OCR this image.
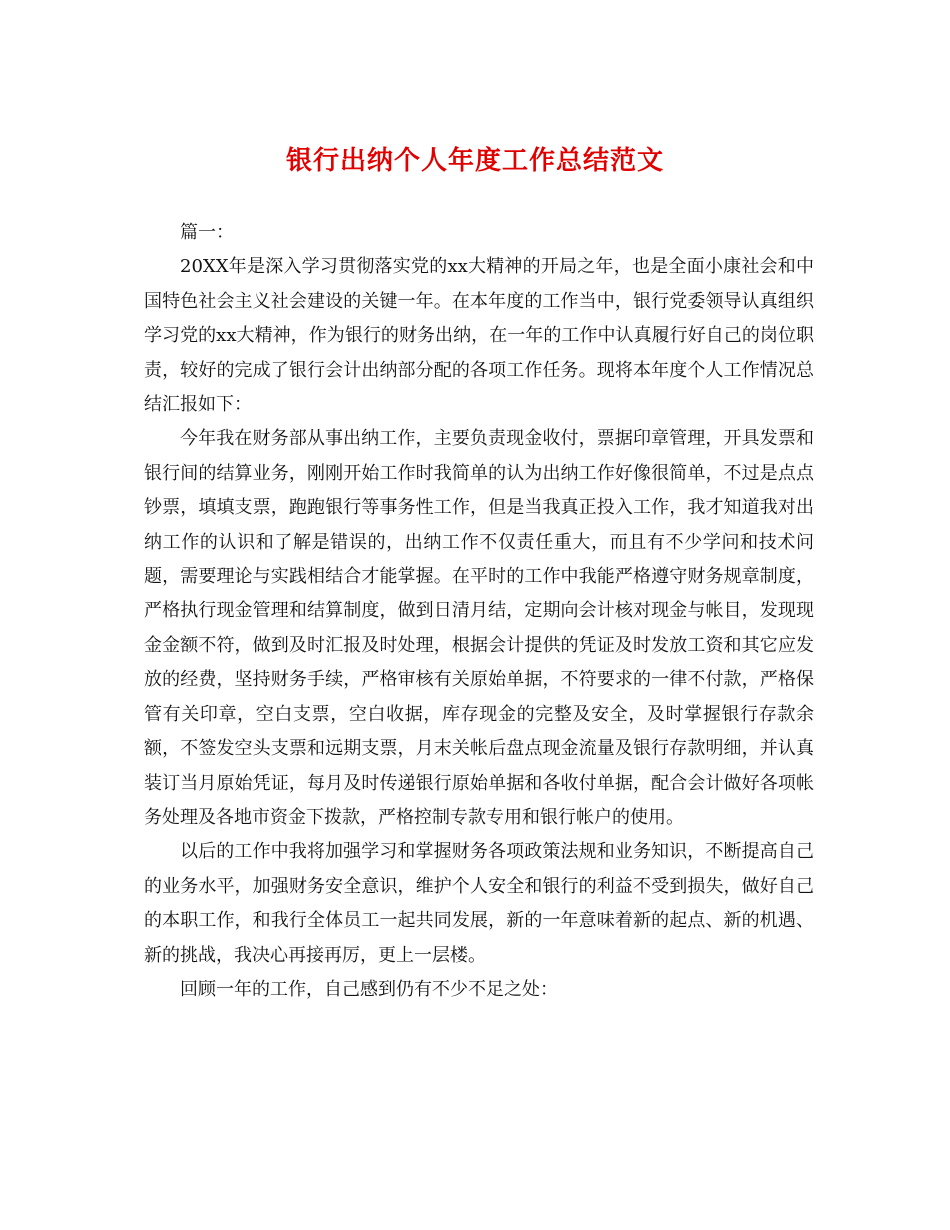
银行出纳个人年度工作总结范文

篇一：

20XX年是深入学习贯彻落实党的xx大精神的开局之年，也是全面小康社会和中国特色社会主义社会建设的关键一年。在本年度的工作当中，银行党委领导认真组织学习党的xx大精神，作为银行的财务出纳，在一年的工作中认真履行好自己的岗位职责，较好的完成了银行会计出纳部分配的各项工作任务。现将本年度个人工作情况总结汇报如下：

今年我在财务部从事出纳工作，主要负责现金收付，票据印章管理，开具发票和银行间的结算业务，刚刚开始工作时我简单的认为出纳工作好像很简单，不过是点点钞票，填填支票，跑跑银行等事务性工作，但是当我真正投入工作，我才知道我对出纳工作的认识和了解是错误的，出纳工作不仅责任重大，而且有不少学问和技术问题，需要理论与实践相结合才能掌握。在平时的工作中我能严格遵守财务规章制度，严格执行现金管理和结算制度，做到日清月结，定期向会计核对现金与帐目，发现现金金额不符，做到及时汇报及时处理，根据会计提供的凭证及时发放工资和其它应发放的经费，坚持财务手续，严格审核有关原始单据，不符要求的一律不付款，严格保管有关印章，空白支票，空白收据，库存现金的完整及安全，及时掌握银行存款余额，不签发空头支票和远期支票，月末关帐后盘点现金流量及银行存款明细，并认真装订当月原始凭证，每月及时传递银行原始单据和各收付单据，配合会计做好各项帐务处理及各地市资金下拨款，严格控制专款专用和银行帐户的使用。

以后的工作中我将加强学习和掌握财务各项政策法规和业务知识，不断提高自己的业务水平，加强财务安全意识，维护个人安全和银行的利益不受到损失，做好自己的本职工作，和我行全体员工一起共同发展，新的一年意味着新的起点、新的机遇、新的挑战，我决心再接再厉，更上一层楼。

回顾一年的工作，自己感到仍有不少不足之处：
